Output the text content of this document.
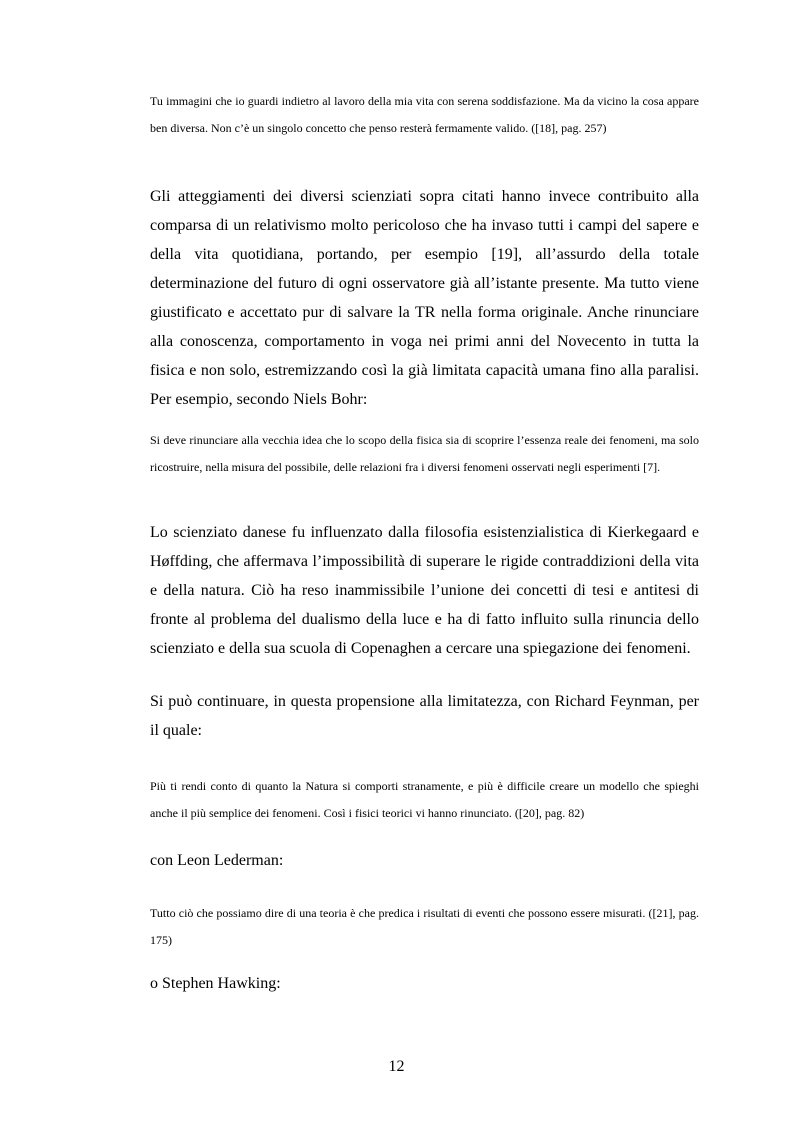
Tu immagini che io guardi indietro al lavoro della mia vita con serena soddisfazione. Ma da vicino la cosa appare ben diversa. Non c’è un singolo concetto che penso resterà fermamente valido. ([18], pag. 257)

Gli atteggiamenti dei diversi scienziati sopra citati hanno invece contribuito alla comparsa di un relativismo molto pericoloso che ha invaso tutti i campi del sapere e della vita quotidiana, portando, per esempio [19], all’assurdo della totale determinazione del futuro di ogni osservatore già all’istante presente. Ma tutto viene giustificato e accettato pur di salvare la TR nella forma originale. Anche rinunciare alla conoscenza, comportamento in voga nei primi anni del Novecento in tutta la fisica e non solo, estremizzando così la già limitata capacità umana fino alla paralisi. Per esempio, secondo Niels Bohr:

Si deve rinunciare alla vecchia idea che lo scopo della fisica sia di scoprire l’essenza reale dei fenomeni, ma solo ricostruire, nella misura del possibile, delle relazioni fra i diversi fenomeni osservati negli esperimenti [7].

Lo scienziato danese fu influenzato dalla filosofia esistenzialistica di Kierkegaard e Høffding, che affermava l’impossibilità di superare le rigide contraddizioni della vita e della natura. Ciò ha reso inammissibile l’unione dei concetti di tesi e antitesi di fronte al problema del dualismo della luce e ha di fatto influito sulla rinuncia dello scienziato e della sua scuola di Copenaghen a cercare una spiegazione dei fenomeni.

Si può continuare, in questa propensione alla limitatezza, con Richard Feynman, per il quale:

Più ti rendi conto di quanto la Natura si comporti stranamente, e più è difficile creare un modello che spieghi anche il più semplice dei fenomeni. Così i fisici teorici vi hanno rinunciato. ([20], pag. 82)

con Leon Lederman:

Tutto ciò che possiamo dire di una teoria è che predica i risultati di eventi che possono essere misurati. ([21], pag. 175)

o Stephen Hawking:

12
